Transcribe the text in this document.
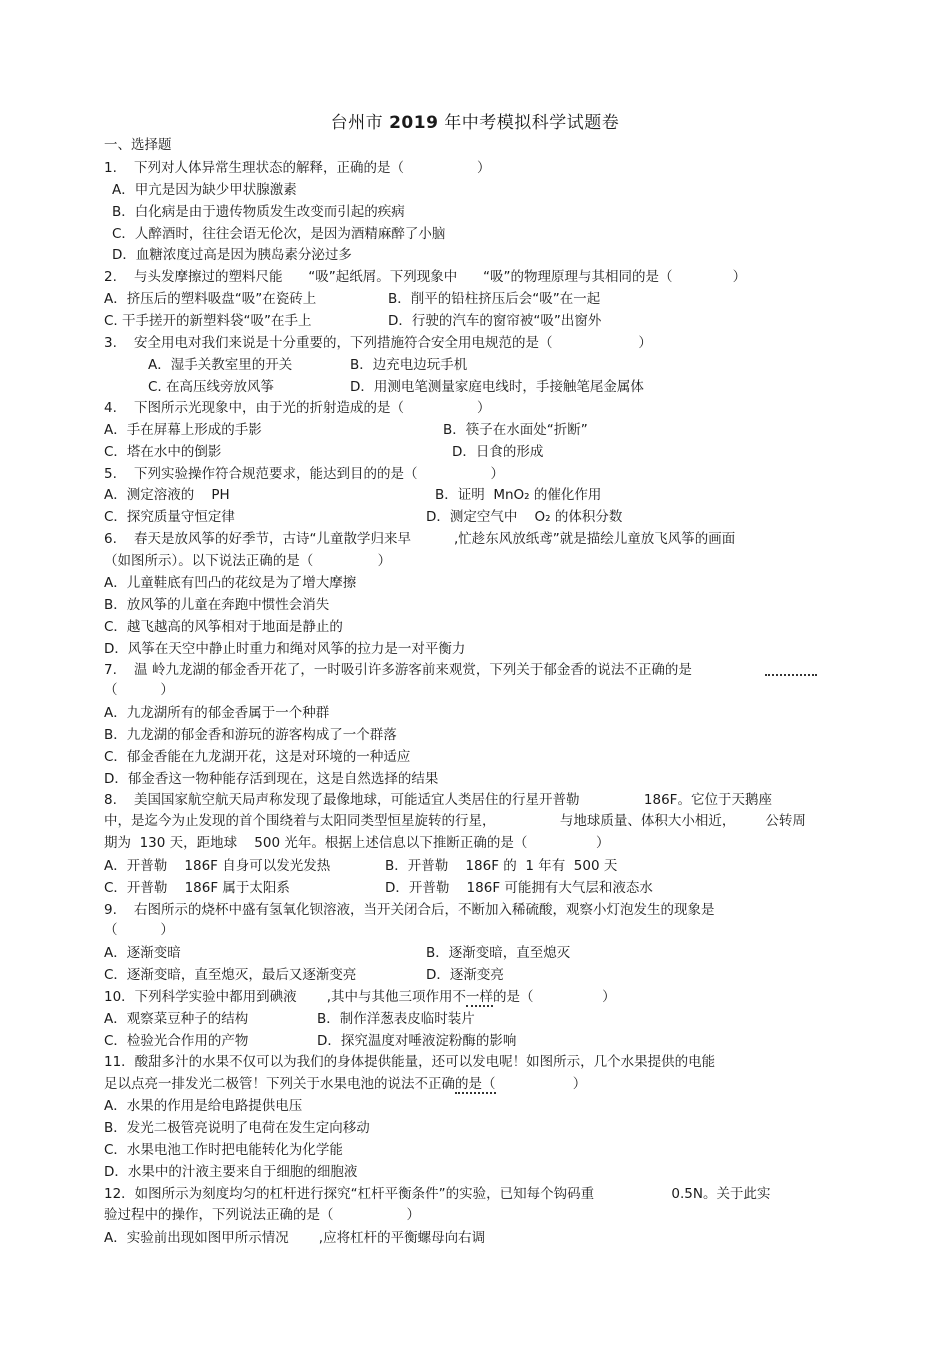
台州市 2019 年中考模拟科学试题卷
一、选择题
1.    下列对人体异常生理状态的解释，正确的是（                 ）
A．甲亢是因为缺少甲状腺激素
B．白化病是由于遗传物质发生改变而引起的疾病
C．人醉酒时，往往会语无伦次，是因为酒精麻醉了小脑
D．血糖浓度过高是因为胰岛素分泌过多
2.    与头发摩擦过的塑料尺能      “吸”起纸屑。下列现象中      “吸”的物理原理与其相同的是（              ）
A．挤压后的塑料吸盘“吸”在瓷砖上	B．削平的铅柱挤压后会“吸”在一起
C. 干手搓开的新塑料袋“吸”在手上	D．行驶的汽车的窗帘被“吸”出窗外
3.    安全用电对我们来说是十分重要的，下列措施符合安全用电规范的是（                    ）
A．湿手关教室里的开关	B．边充电边玩手机
C. 在高压线旁放风筝	D．用测电笔测量家庭电线时，手接触笔尾金属体
4.    下图所示光现象中，由于光的折射造成的是（                 ）
A．手在屏幕上形成的手影	B．筷子在水面处“折断”
C．塔在水中的倒影	D．日食的形成
5.    下列实验操作符合规范要求，能达到目的的是（                 ）
A．测定溶液的    PH	B．证明  MnO₂ 的催化作用
C．探究质量守恒定律	D．测定空气中    O₂ 的体积分数
6.    春天是放风筝的好季节，古诗“儿童散学归来早          ,忙趁东风放纸鸢”就是描绘儿童放飞风筝的画面
（如图所示）。以下说法正确的是（               ）
A．儿童鞋底有凹凸的花纹是为了增大摩擦
B．放风筝的儿童在奔跑中惯性会消失
C．越飞越高的风筝相对于地面是静止的
D．风筝在天空中静止时重力和绳对风筝的拉力是一对平衡力
7.    温 岭九龙湖的郁金香开花了，一时吸引许多游客前来观赏，下列关于郁金香的说法不正确的是
（          ）
A．九龙湖所有的郁金香属于一个种群
B．九龙湖的郁金香和游玩的游客构成了一个群落
C．郁金香能在九龙湖开花，这是对环境的一种适应
D．郁金香这一物种能存活到现在，这是自然选择的结果
8.    美国国家航空航天局声称发现了最像地球，可能适宜人类居住的行星开普勒               186F。它位于天鹅座
中，是迄今为止发现的首个围绕着与太阳同类型恒星旋转的行星，               与地球质量、体积大小相近，       公转周
期为  130 天，距地球    500 光年。根据上述信息以下推断正确的是（                ）
A．开普勒    186F 自身可以发光发热	B．开普勒    186F 的  1 年有  500 天
C．开普勒    186F 属于太阳系	D．开普勒    186F 可能拥有大气层和液态水
9.    右图所示的烧杯中盛有氢氧化钡溶液，当开关闭合后，不断加入稀硫酸，观察小灯泡发生的现象是
（          ）
A．逐渐变暗	B．逐渐变暗，直至熄灭
C．逐渐变暗，直至熄灭，最后又逐渐变亮	D．逐渐变亮
10．下列科学实验中都用到碘液       ,其中与其他三项作用不一样的是（                ）
A．观察菜豆种子的结构	B．制作洋葱表皮临时装片
C．检验光合作用的产物	D．探究温度对唾液淀粉酶的影响
11．酸甜多汁的水果不仅可以为我们的身体提供能量，还可以发电呢！如图所示，几个水果提供的电能
足以点亮一排发光二极管！下列关于水果电池的说法不正确的是（                  ）
A．水果的作用是给电路提供电压
B．发光二极管亮说明了电荷在发生定向移动
C．水果电池工作时把电能转化为化学能
D．水果中的汁液主要来自于细胞的细胞液
12．如图所示为刻度均匀的杠杆进行探究“杠杆平衡条件”的实验，已知每个钩码重                  0.5N。关于此实
验过程中的操作，下列说法正确的是（                 ）
A．实验前出现如图甲所示情况       ,应将杠杆的平衡螺母向右调
